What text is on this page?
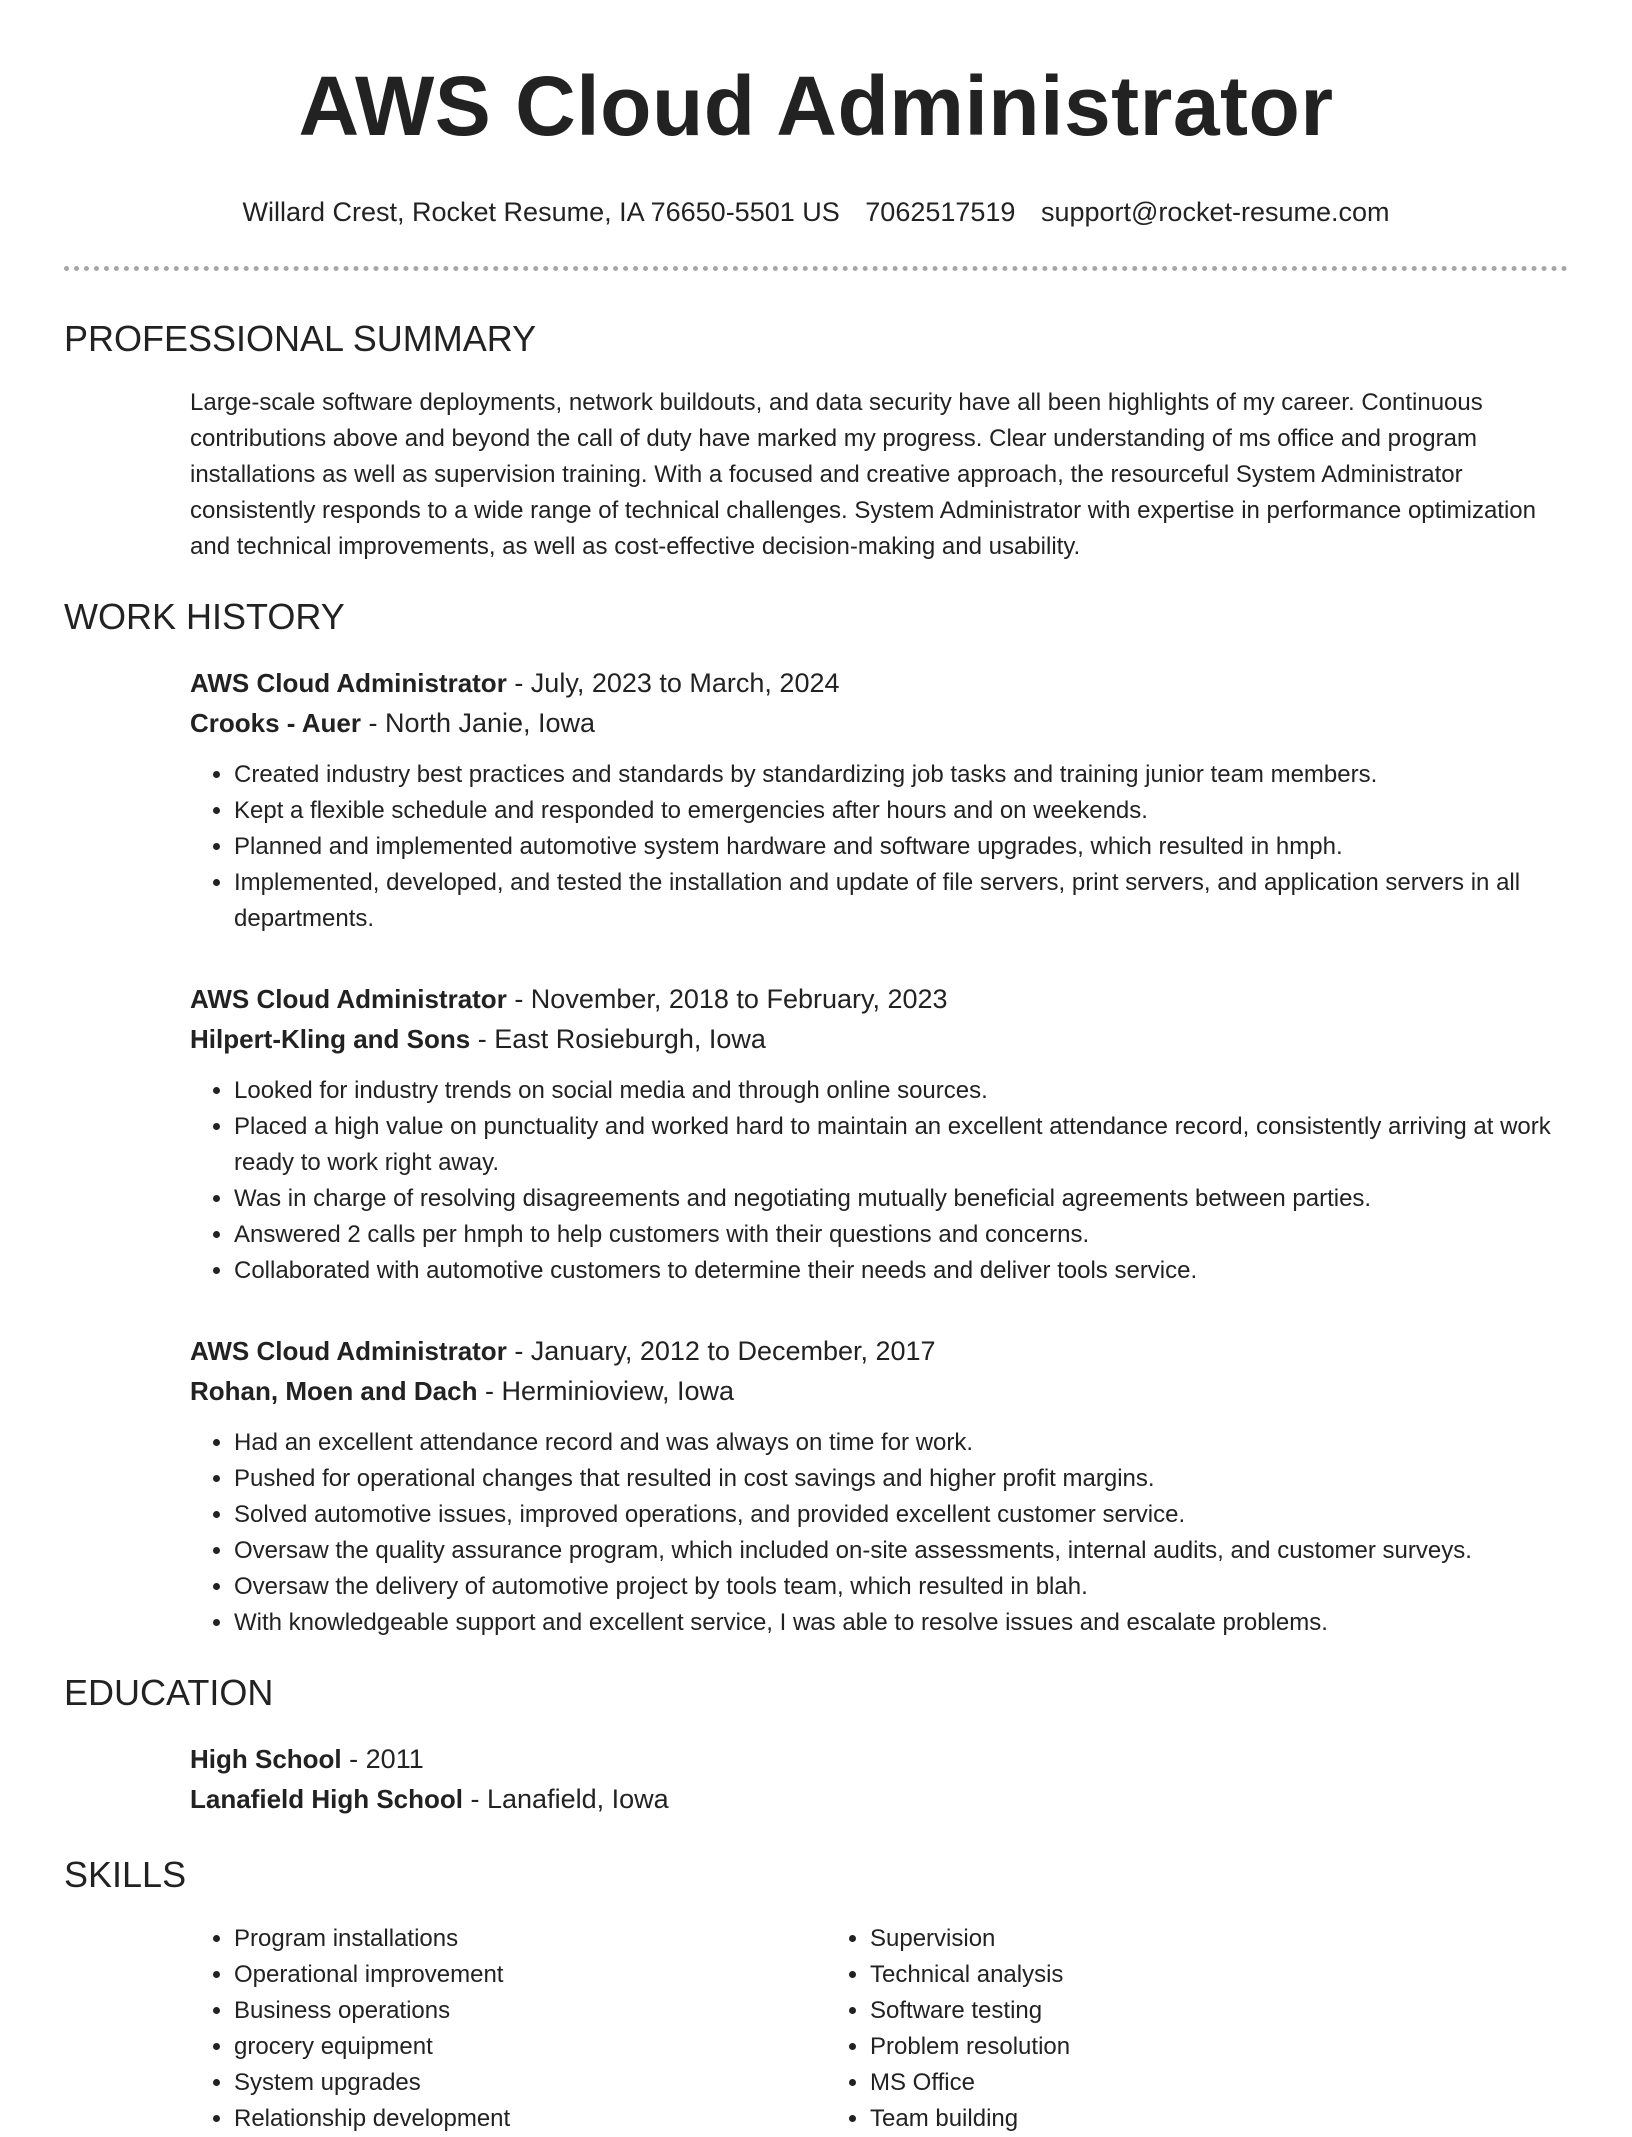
AWS Cloud Administrator
Willard Crest, Rocket Resume, IA 76650-5501 US 7062517519 support@rocket-resume.com
PROFESSIONAL SUMMARY

Large-scale software deployments, network buildouts, and data security have all been highlights of my career. Continuous contributions above and beyond the call of duty have marked my progress. Clear understanding of ms office and program installations as well as supervision training. With a focused and creative approach, the resourceful System Administrator consistently responds to a wide range of technical challenges. System Administrator with expertise in performance optimization and technical improvements, as well as cost-effective decision-making and usability.

WORK HISTORY
AWS Cloud Administrator - July, 2023 to March, 2024
Crooks - Auer - North Janie, Iowa
• Created industry best practices and standards by standardizing job tasks and training junior team members.
• Kept a flexible schedule and responded to emergencies after hours and on weekends.
• Planned and implemented automotive system hardware and software upgrades, which resulted in hmph.
• Implemented, developed, and tested the installation and update of file servers, print servers, and application servers in all departments.
AWS Cloud Administrator - November, 2018 to February, 2023
Hilpert-Kling and Sons - East Rosieburgh, Iowa
• Looked for industry trends on social media and through online sources.
• Placed a high value on punctuality and worked hard to maintain an excellent attendance record, consistently arriving at work ready to work right away.
• Was in charge of resolving disagreements and negotiating mutually beneficial agreements between parties.
• Answered 2 calls per hmph to help customers with their questions and concerns.
• Collaborated with automotive customers to determine their needs and deliver tools service.
AWS Cloud Administrator - January, 2012 to December, 2017
Rohan, Moen and Dach - Herminioview, Iowa
• Had an excellent attendance record and was always on time for work.
• Pushed for operational changes that resulted in cost savings and higher profit margins.
• Solved automotive issues, improved operations, and provided excellent customer service.
• Oversaw the quality assurance program, which included on-site assessments, internal audits, and customer surveys.
• Oversaw the delivery of automotive project by tools team, which resulted in blah.
• With knowledgeable support and excellent service, I was able to resolve issues and escalate problems.
EDUCATION
High School - 2011
Lanafield High School - Lanafield, Iowa
SKILLS
• Program installations
• Operational improvement
• Business operations
• grocery equipment
• System upgrades
• Relationship development
• Supervision
• Technical analysis
• Software testing
• Problem resolution
• MS Office
• Team building
